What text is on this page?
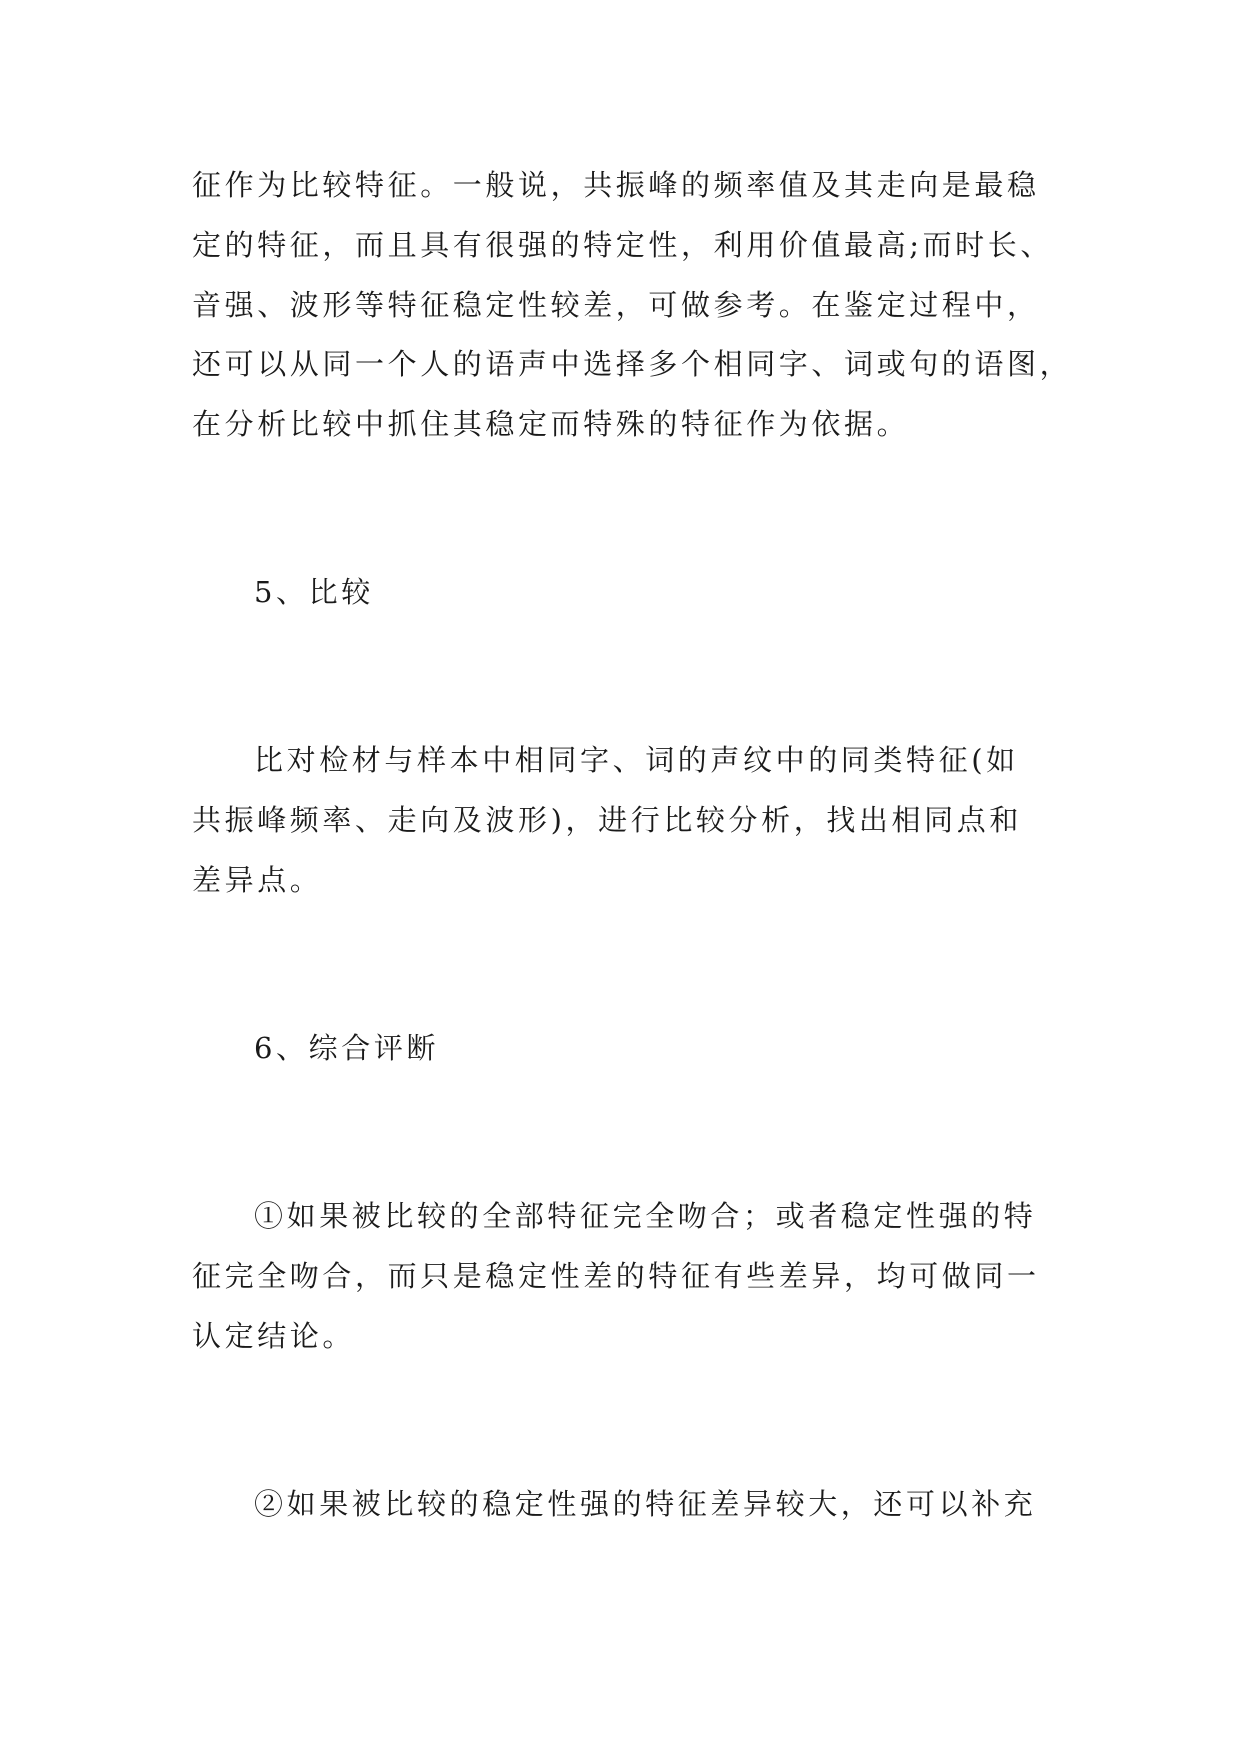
征作为比较特征。一般说，共振峰的频率值及其走向是最稳
定的特征，而且具有很强的特定性，利用价值最高;而时长、
音强、波形等特征稳定性较差，可做参考。在鉴定过程中，
还可以从同一个人的语声中选择多个相同字、词或句的语图，
在分析比较中抓住其稳定而特殊的特征作为依据。
5、比较
比对检材与样本中相同字、词的声纹中的同类特征(如
共振峰频率、走向及波形)，进行比较分析，找出相同点和
差异点。
6、综合评断
①如果被比较的全部特征完全吻合；或者稳定性强的特
征完全吻合，而只是稳定性差的特征有些差异，均可做同一
认定结论。
②如果被比较的稳定性强的特征差异较大，还可以补充
